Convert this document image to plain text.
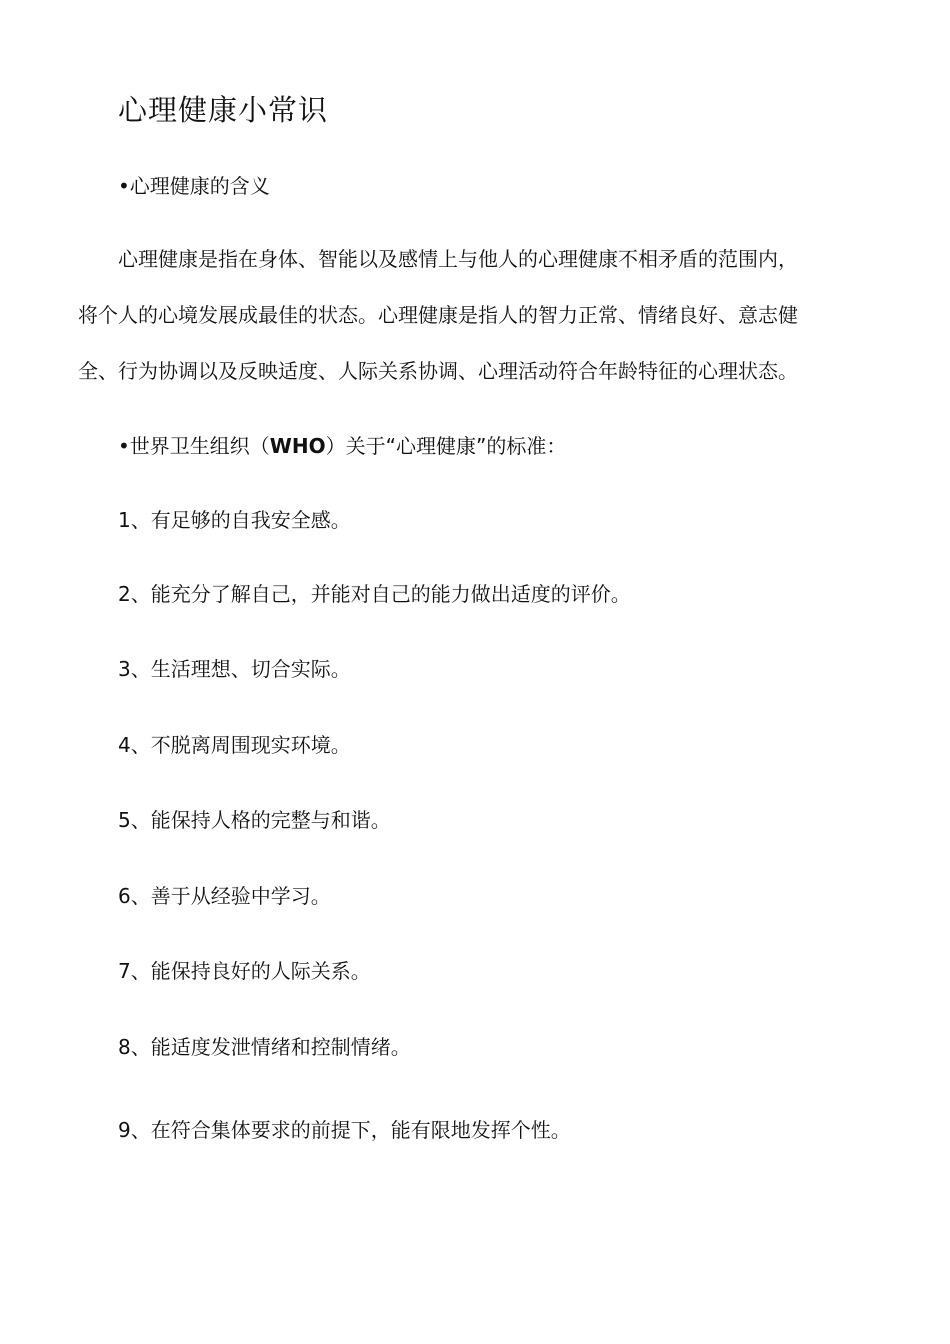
心理健康小常识

•心理健康的含义

心理健康是指在身体、智能以及感情上与他人的心理健康不相矛盾的范围内，
将个人的心境发展成最佳的状态。心理健康是指人的智力正常、情绪良好、意志健
全、行为协调以及反映适度、人际关系协调、心理活动符合年龄特征的心理状态。

•世界卫生组织（WHO）关于“心理健康”的标准：

1、有足够的自我安全感。

2、能充分了解自己，并能对自己的能力做出适度的评价。

3、生活理想、切合实际。

4、不脱离周围现实环境。

5、能保持人格的完整与和谐。

6、善于从经验中学习。

7、能保持良好的人际关系。

8、能适度发泄情绪和控制情绪。

9、在符合集体要求的前提下，能有限地发挥个性。
